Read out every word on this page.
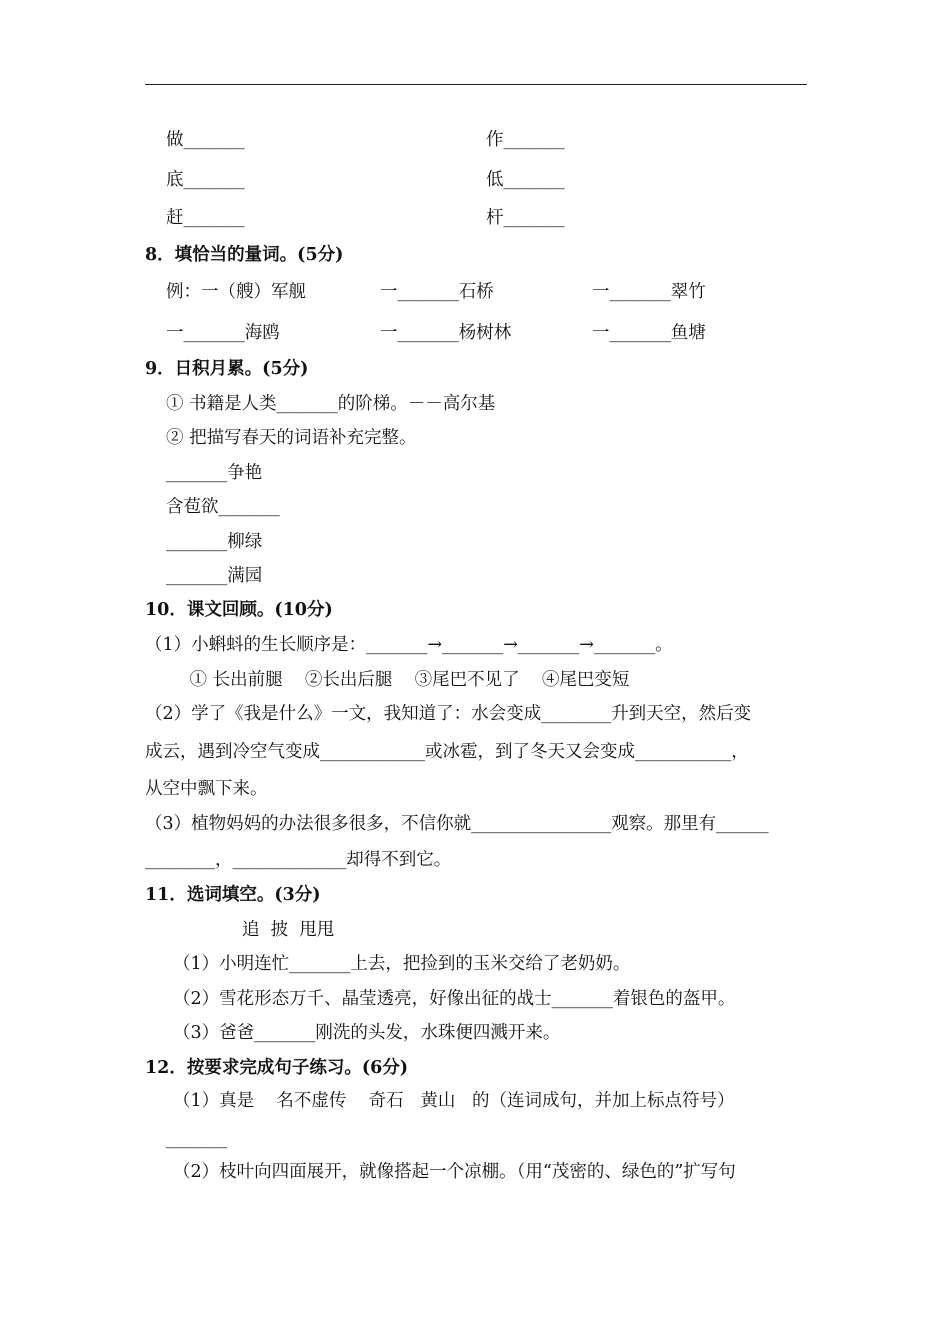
做_______	作_______
底_______	低_______
赶_______	杆_______
8．填恰当的量词。(5分)
例：一（艘）军舰	一_______石桥	一_______翠竹
一_______海鸥	一_______杨树林	一_______鱼塘
9．日积月累。(5分)
① 书籍是人类_______的阶梯。－－高尔基
② 把描写春天的词语补充完整。
_______争艳
含苞欲_______
_______柳绿
_______满园
10．课文回顾。(10分)
（1）小蝌蚪的生长顺序是：_______→_______→_______→_______。
① 长出前腿    ②长出后腿    ③尾巴不见了    ④尾巴变短
（2）学了《我是什么》一文，我知道了：水会变成________升到天空，然后变
成云，遇到冷空气变成____________或冰雹，到了冬天又会变成___________，
从空中飘下来。
（3）植物妈妈的办法很多很多，不信你就________________观察。那里有______
________，_____________却得不到它。
11．选词填空。(3分)
追  披  甩甩
（1）小明连忙_______上去，把捡到的玉米交给了老奶奶。
（2）雪花形态万千、晶莹透亮，好像出征的战士_______着银色的盔甲。
（3）爸爸_______刚洗的头发，水珠便四溅开来。
12．按要求完成句子练习。(6分)
（1）真是    名不虚传    奇石   黄山   的（连词成句，并加上标点符号）
_______
（2）枝叶向四面展开，就像搭起一个凉棚。（用“茂密的、绿色的”扩写句
